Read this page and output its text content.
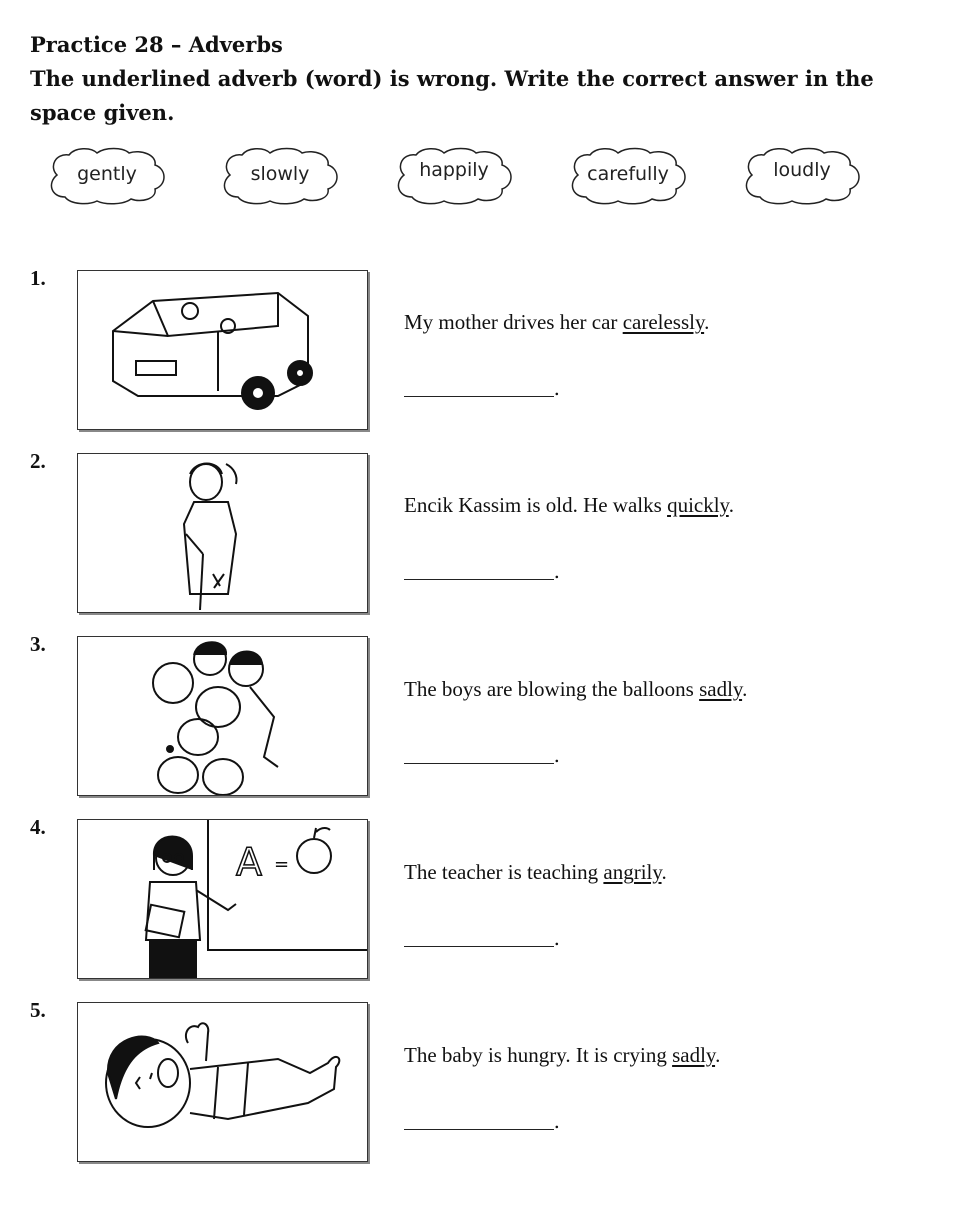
Practice 28 – Adverbs
The underlined adverb (word) is wrong. Write the correct answer in the space given.
gently	slowly	happily	carefully	loudly
1.
My mother drives her car carelessly.
.
2.
Encik Kassim is old. He walks quickly.
.
3.
The boys are blowing the balloons sadly.
.
4.
A =	The teacher is teaching angrily.
.
5.
The baby is hungry. It is crying sadly.
.
